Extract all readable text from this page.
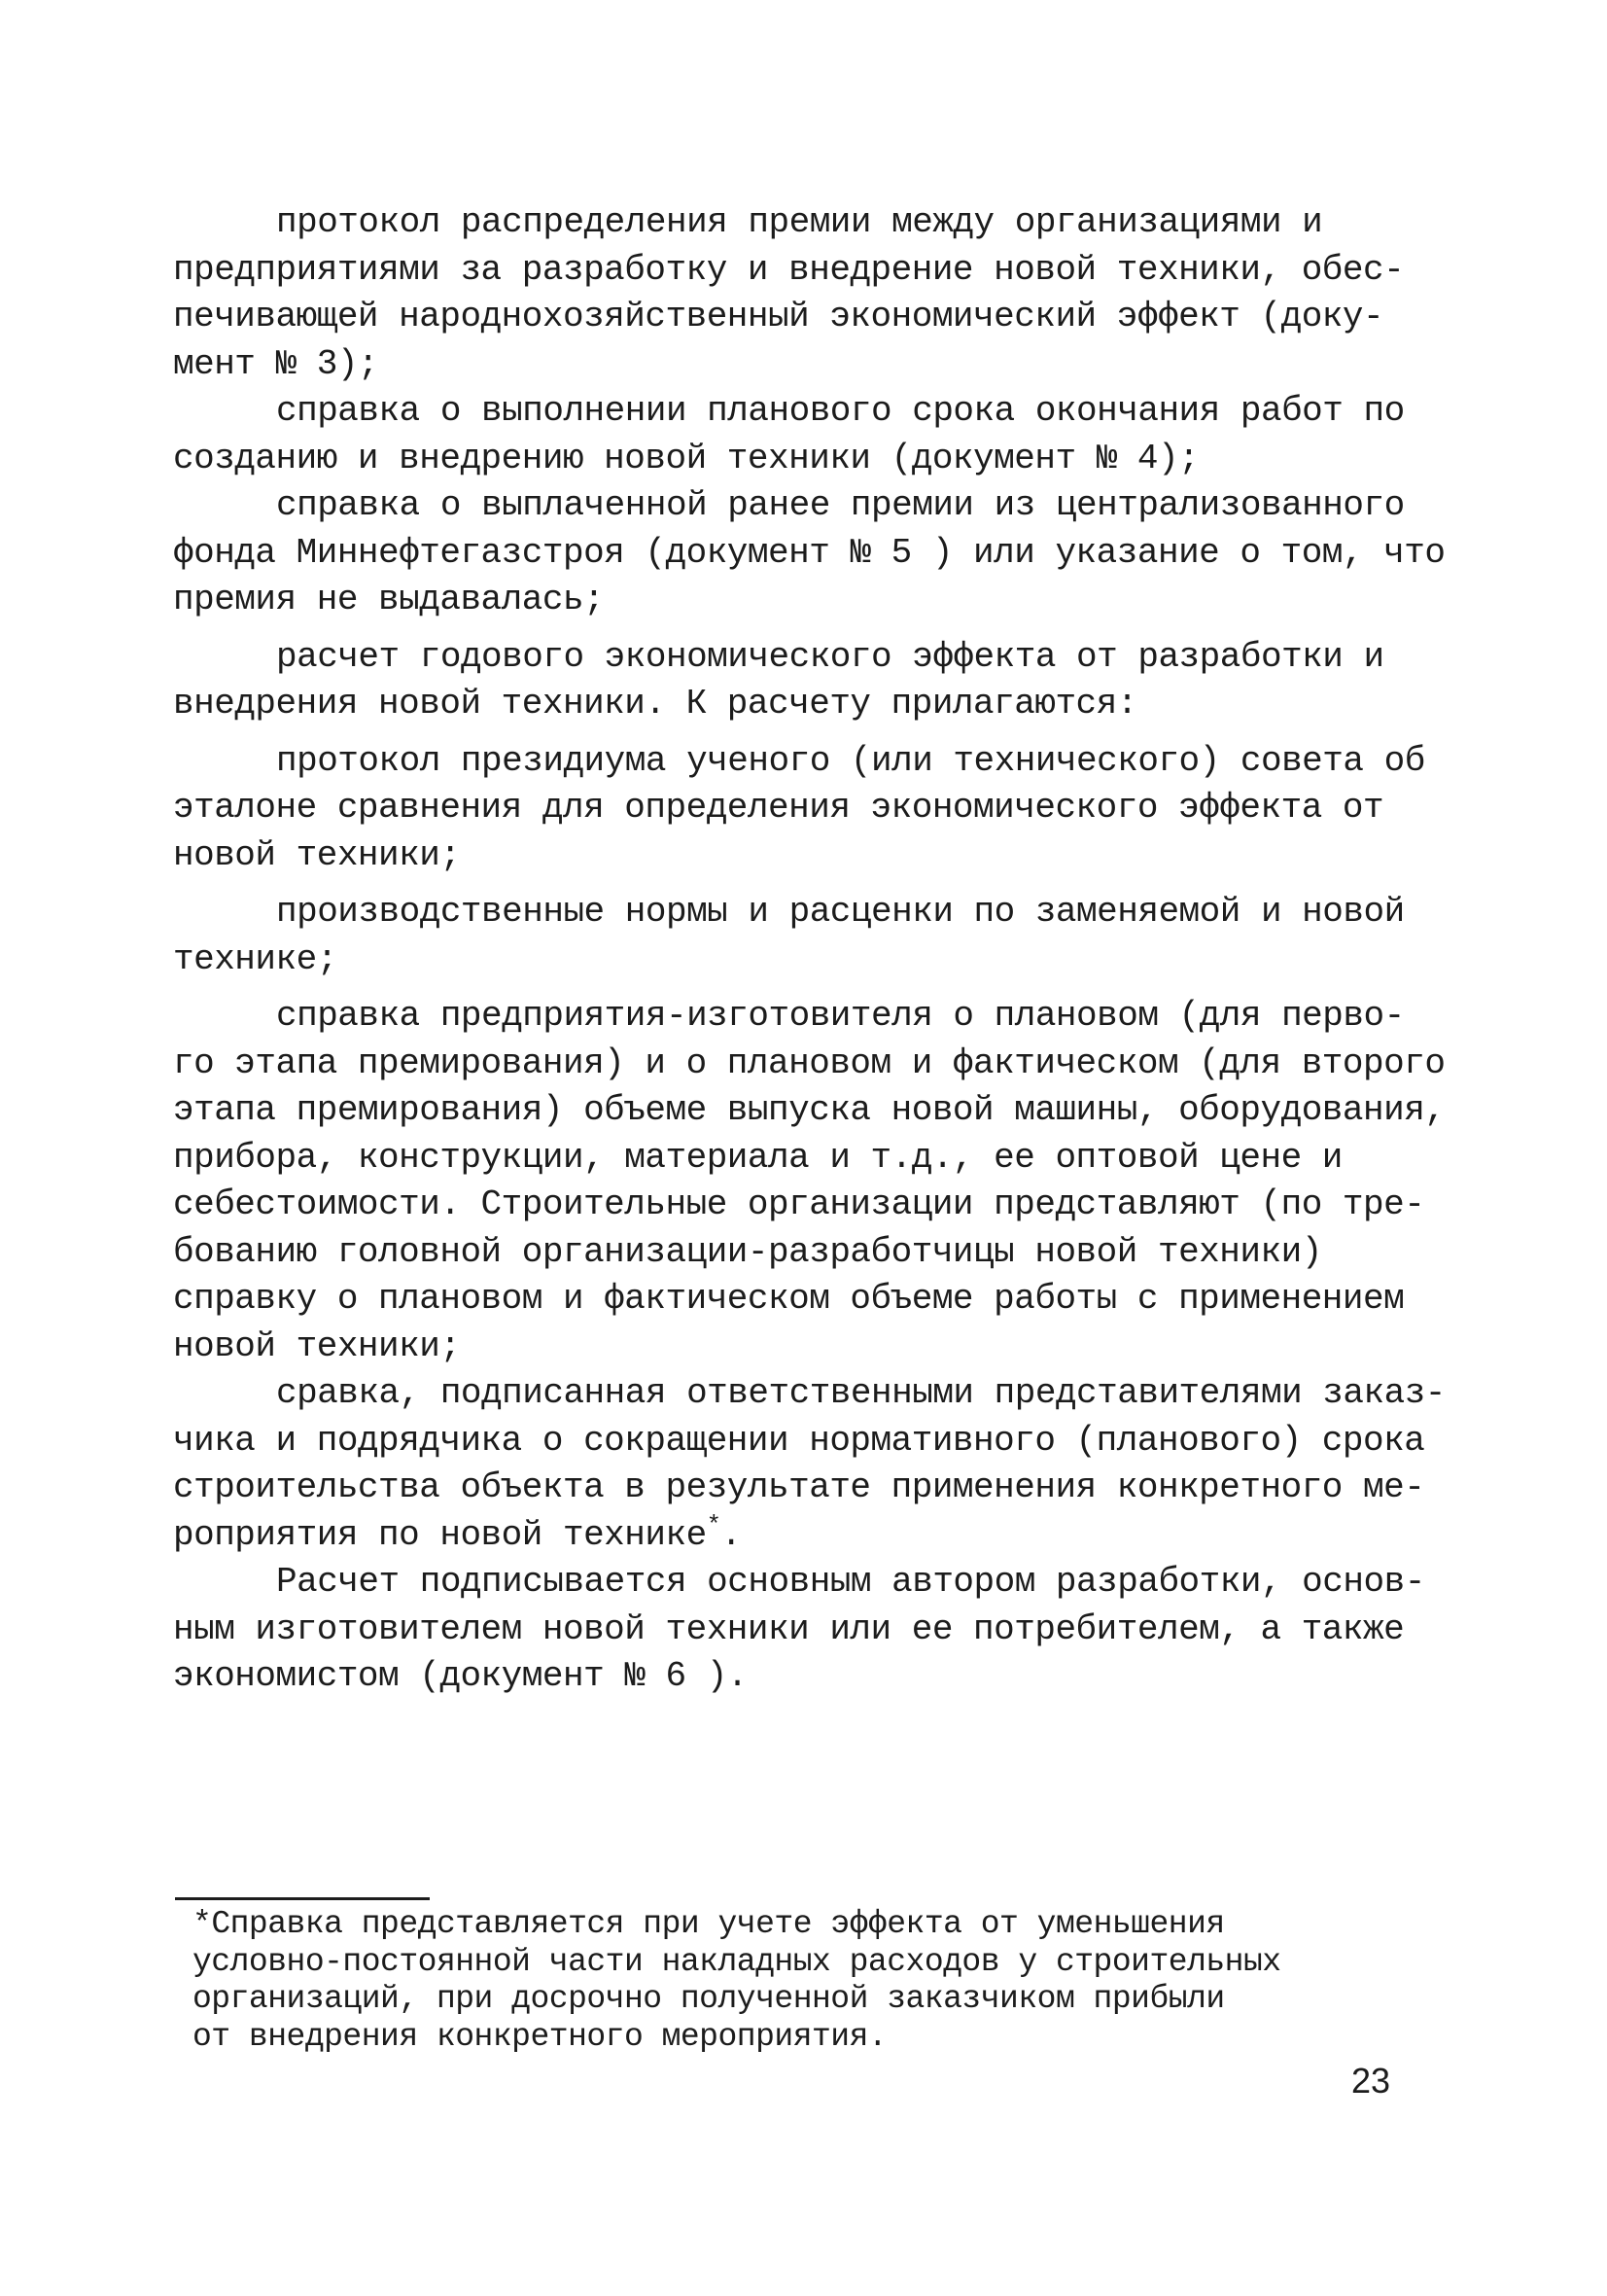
протокол распределения премии между организациями и
предприятиями за разработку и внедрение новой техники, обес-
печивающей народнохозяйственный экономический эффект (доку-
мент № 3);
справка о выполнении планового срока окончания работ по
созданию и внедрению новой техники (документ № 4);
справка о выплаченной ранее премии из централизованного
фонда Миннефтегазстроя (документ № 5 ) или указание о том, что
премия не выдавалась;
расчет годового экономического эффекта от разработки и
внедрения новой техники. К расчету прилагаются:
протокол президиума ученого (или технического) совета об
эталоне сравнения для определения экономического эффекта от
новой техники;
производственные нормы и расценки по заменяемой и новой
технике;
справка предприятия-изготовителя о плановом (для перво-
го этапа премирования) и о плановом и фактическом (для второго
этапа премирования) объеме выпуска новой машины, оборудования,
прибора, конструкции, материала и т.д., ее оптовой цене и
себестоимости. Строительные организации представляют (по тре-
бованию головной организации-разработчицы новой техники)
справку о плановом и фактическом объеме работы с применением
новой техники;
сравка, подписанная ответственными представителями заказ-
чика и подрядчика о сокращении нормативного (планового) срока
строительства объекта в результате применения конкретного ме-
роприятия по новой технике*.
Расчет подписывается основным автором разработки, основ-
ным изготовителем новой техники или ее потребителем, а также
экономистом (документ № 6 ).
*Справка представляется при учете эффекта от уменьшения
условно-постоянной части накладных расходов у строительных
организаций, при досрочно полученной заказчиком прибыли
от внедрения конкретного мероприятия.
23
